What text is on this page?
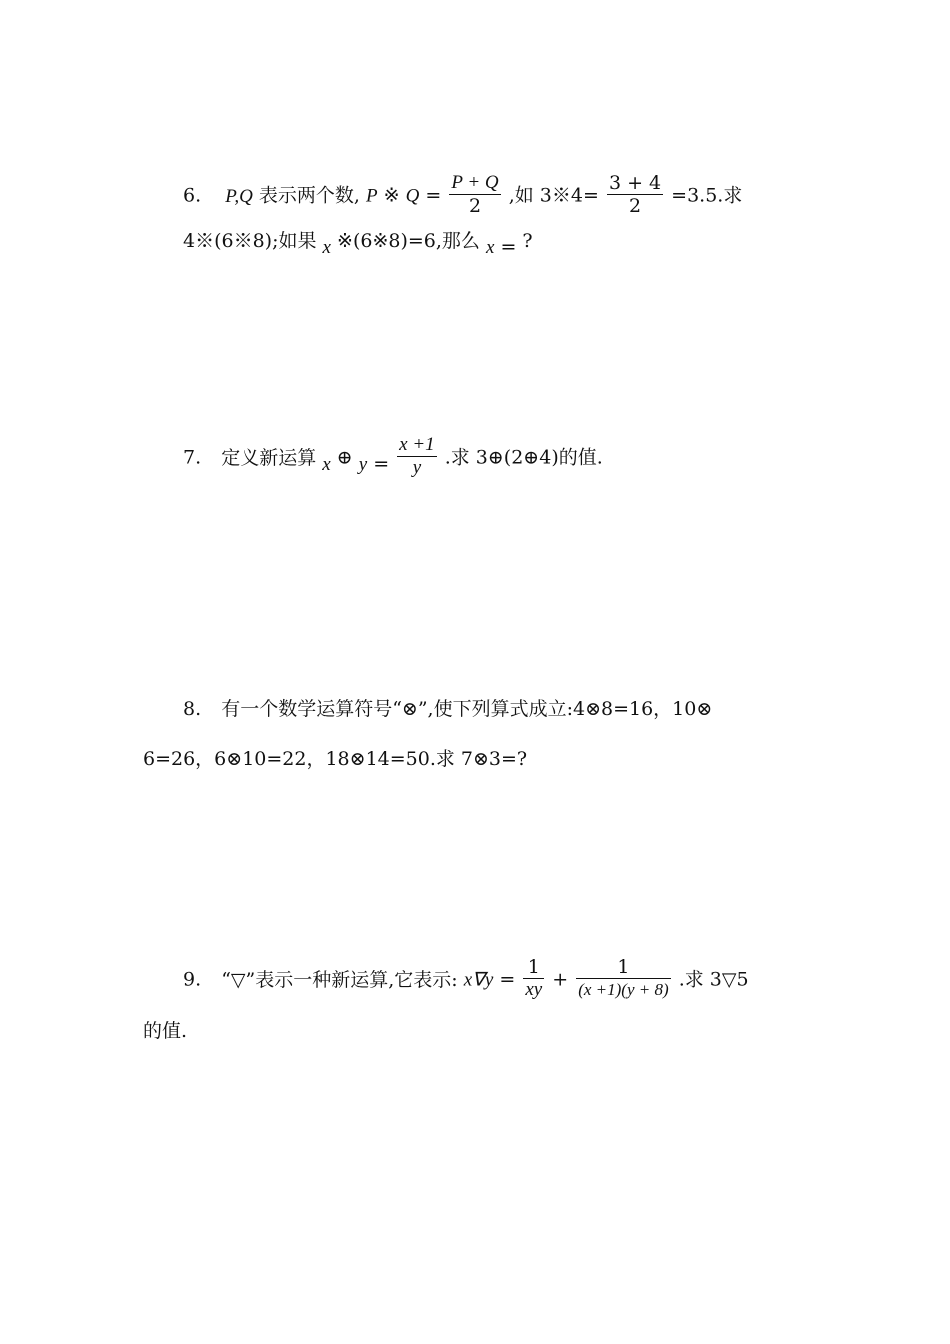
6. P,Q 表示两个数, P ※ $Q = \frac{P + Q}{2}$ ,如 3※4= $\frac{3 + 4}{2} =3.5$.求
4※(6※8);如果 x ※(6※8)=6,那么 x = ?
7. 定义新运算 x ⊕ $y = \frac{x +1}{y}$ .求 3⊕(2⊕4)的值.
8. 有一个数学运算符号“⊗”,使下列算式成立:4⊗8=16，10⊗
6=26，6⊗10=22，18⊗14=50.求 7⊗3=?
9. “▽”表示一种新运算,它表示: $x\nabla y = \frac{1}{xy} + \frac{1}{(x +1)(y + 8)}$ .求 3▽5
的值.
